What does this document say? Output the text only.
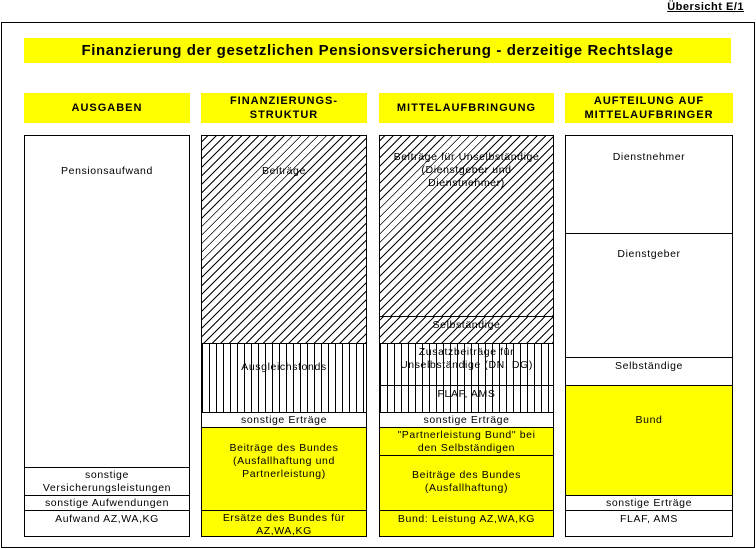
Übersicht E/1
Finanzierung der gesetzlichen Pensionsversicherung - derzeitige Rechtslage
AUSGABEN
FINANZIERUNGS-STRUKTUR
MITTELAUFBRINGUNG
AUFTEILUNG AUF MITTELAUFBRINGER
Pensionsaufwand
sonstige Versicherungsleistungen
sonstige Aufwendungen
Aufwand AZ,WA,KG
Beiträge
Ausgleichsfonds
sonstige Erträge
Beiträge des Bundes (Ausfallhaftung und Partnerleistung)
Ersätze des Bundes für AZ,WA,KG
Beiträge für Unselbständige (Dienstgeber und Dienstnehmer)
Selbständige
Zusatzbeiträge für Unselbständige (DN, DG)
FLAF, AMS
sonstige Erträge
"Partnerleistung Bund" bei den Selbständigen
Beiträge des Bundes (Ausfallhaftung)
Bund: Leistung AZ,WA,KG
Dienstnehmer
Dienstgeber
Selbständige
Bund
sonstige Erträge
FLAF, AMS
